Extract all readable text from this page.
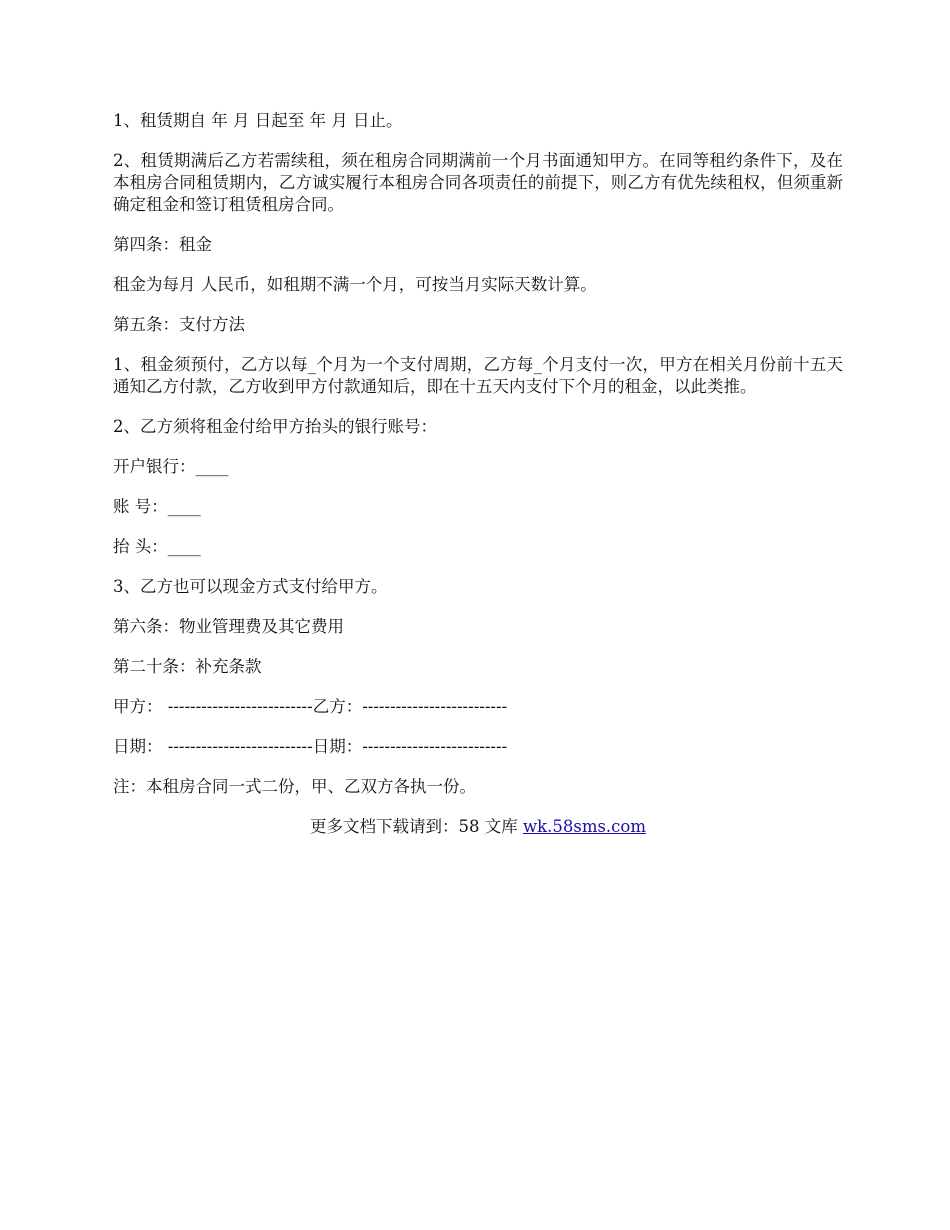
1、租赁期自 年 月 日起至 年 月 日止。

2、租赁期满后乙方若需续租，须在租房合同期满前一个月书面通知甲方。在同等租约条件下，及在本租房合同租赁期内，乙方诚实履行本租房合同各项责任的前提下，则乙方有优先续租权，但须重新确定租金和签订租赁租房合同。

第四条：租金

租金为每月 人民币，如租期不满一个月，可按当月实际天数计算。

第五条：支付方法

1、租金须预付，乙方以每_个月为一个支付周期，乙方每_个月支付一次，甲方在相关月份前十五天通知乙方付款，乙方收到甲方付款通知后，即在十五天内支付下个月的租金，以此类推。

2、乙方须将租金付给甲方抬头的银行账号：

开户银行：____

账 号：____

抬 头：____

3、乙方也可以现金方式支付给甲方。

第六条：物业管理费及其它费用

第二十条：补充条款

甲方： --------------------------乙方：--------------------------

日期： --------------------------日期：--------------------------

注：本租房合同一式二份，甲、乙双方各执一份。

更多文档下载请到：58 文库 wk.58sms.com
